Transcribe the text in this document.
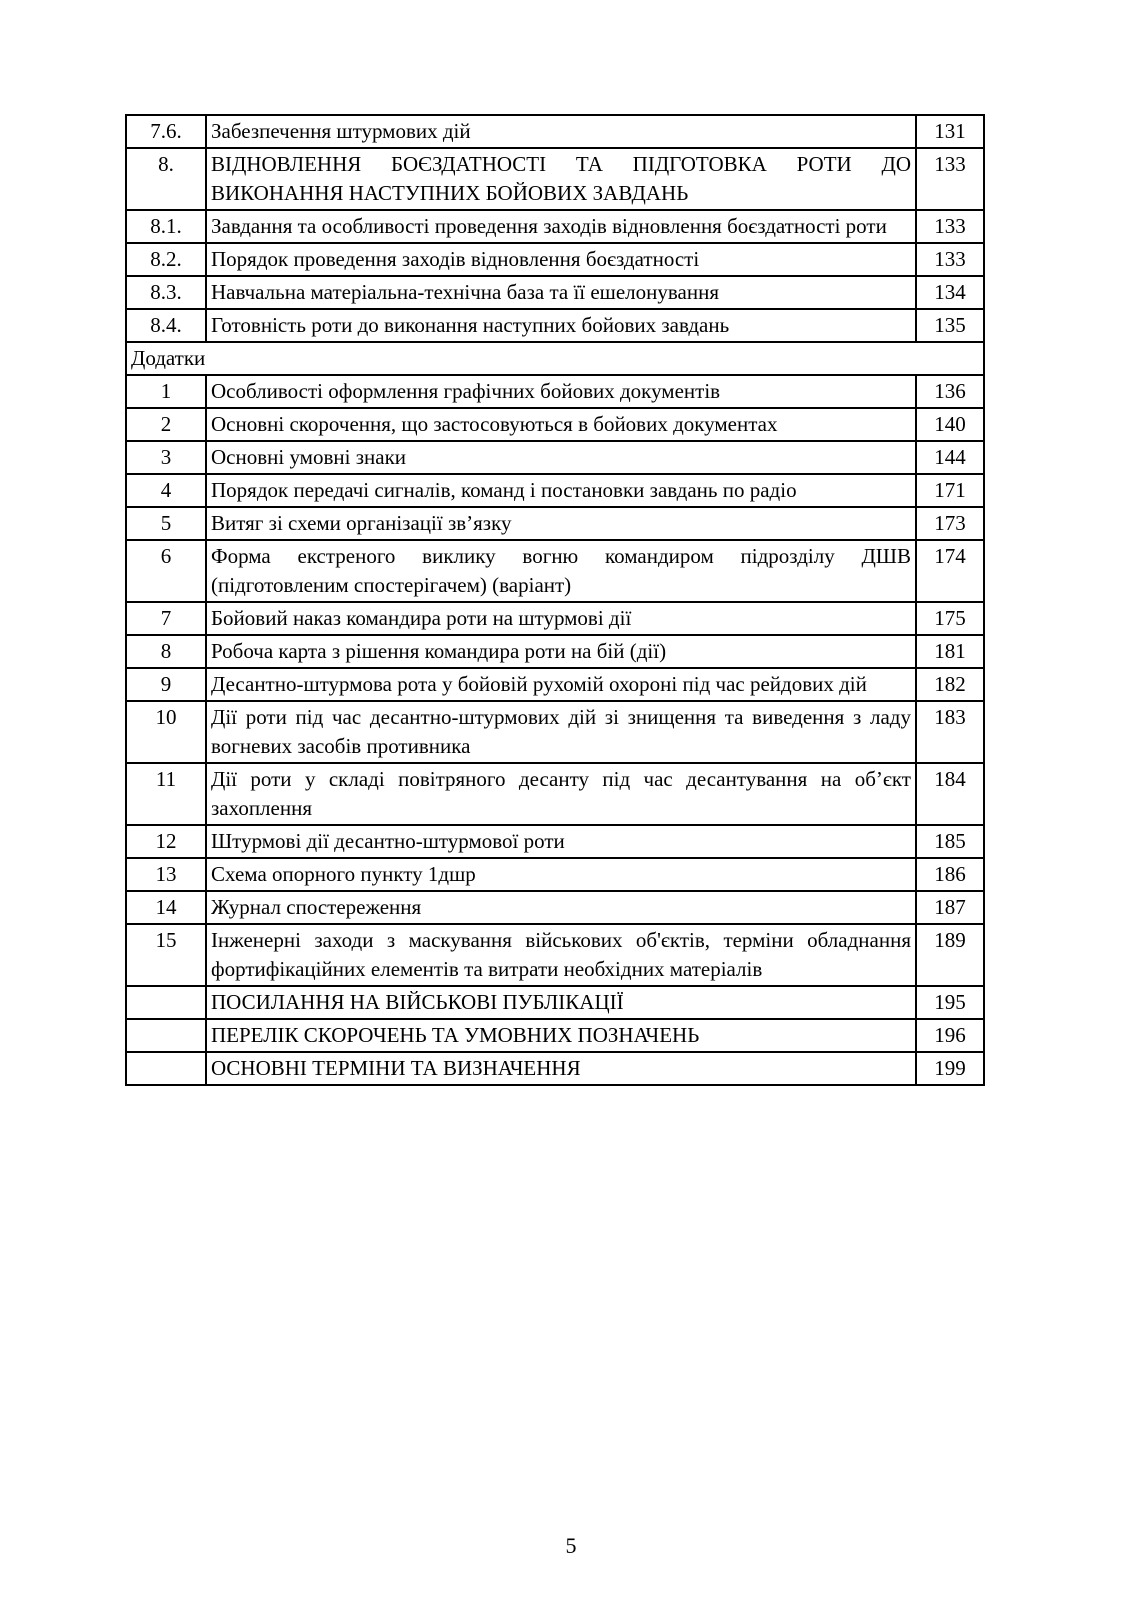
7.6.	Забезпечення штурмових дій	131
8.	ВІДНОВЛЕННЯ БОЄЗДАТНОСТІ ТА ПІДГОТОВКА РОТИ ДО ВИКОНАННЯ НАСТУПНИХ БОЙОВИХ ЗАВДАНЬ	133
8.1.	Завдання та особливості проведення заходів відновлення боєздатності роти	133
8.2.	Порядок проведення заходів відновлення боєздатності	133
8.3.	Навчальна матеріальна-технічна база та її ешелонування	134
8.4.	Готовність роти до виконання наступних бойових завдань	135
Додатки		
1	Особливості оформлення графічних бойових документів	136
2	Основні скорочення, що застосовуються в бойових документах	140
3	Основні умовні знаки	144
4	Порядок передачі сигналів, команд і постановки завдань по радіо	171
5	Витяг зі схеми організації зв’язку	173
6	Форма екстреного виклику вогню командиром підрозділу ДШВ (підготовленим спостерігачем) (варіант)	174
7	Бойовий наказ командира роти на штурмові дії	175
8	Робоча карта з рішення командира роти на бій (дії)	181
9	Десантно-штурмова рота у бойовій рухомій охороні під час рейдових дій	182
10	Дії роти під час десантно-штурмових дій зі знищення та виведення з ладу вогневих засобів противника	183
11	Дії роти у складі повітряного десанту під час десантування на об’єкт захоплення	184
12	Штурмові дії десантно-штурмової роти	185
13	Схема опорного пункту 1дшр	186
14	Журнал спостереження	187
15	Інженерні заходи з маскування військових об'єктів, терміни обладнання фортифікаційних елементів та витрати необхідних матеріалів	189
	ПОСИЛАННЯ НА ВІЙСЬКОВІ ПУБЛІКАЦІЇ	195
	ПЕРЕЛІК СКОРОЧЕНЬ ТА УМОВНИХ ПОЗНАЧЕНЬ	196
	ОСНОВНІ ТЕРМІНИ ТА ВИЗНАЧЕННЯ	199
5
